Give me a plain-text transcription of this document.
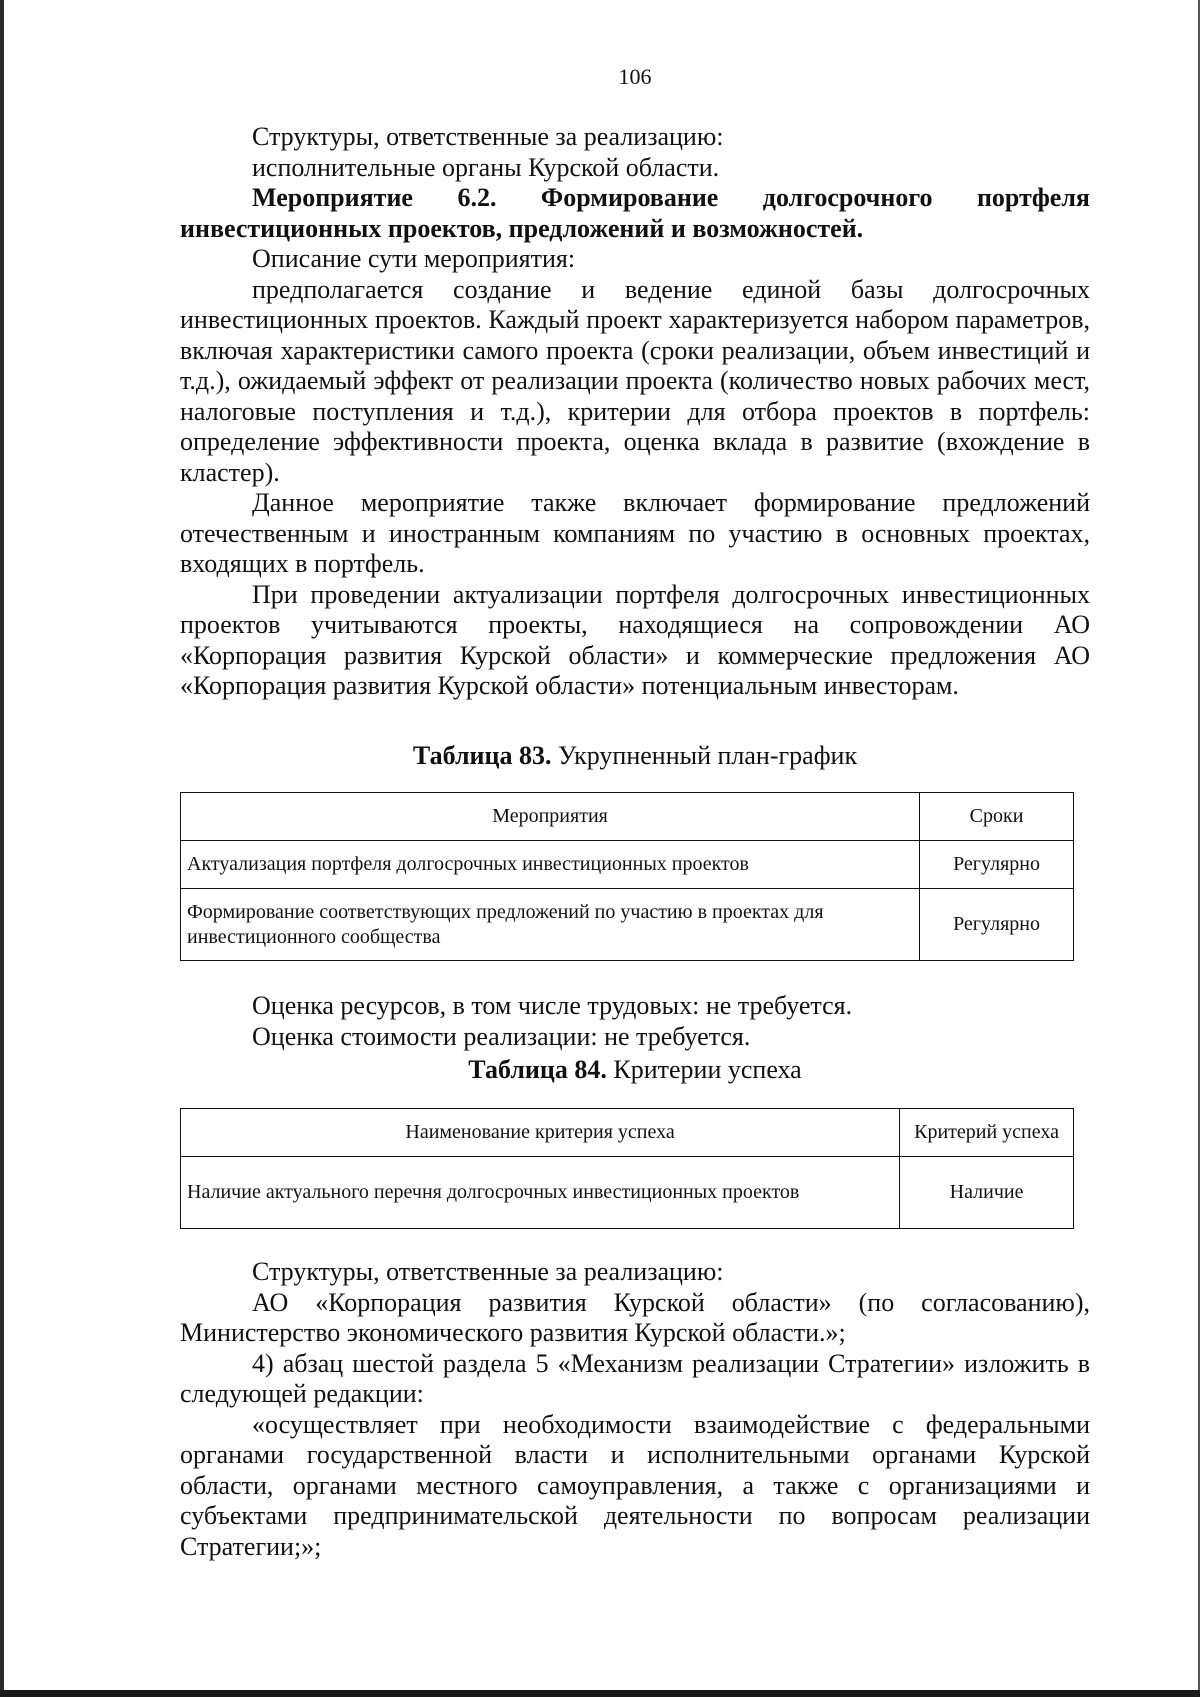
106

Структуры, ответственные за реализацию:

исполнительные органы Курской области.

Мероприятие 6.2. Формирование долгосрочного портфеля инвестиционных проектов, предложений и возможностей.

Описание сути мероприятия:

предполагается создание и ведение единой базы долгосрочных инвестиционных проектов. Каждый проект характеризуется набором параметров, включая характеристики самого проекта (сроки реализации, объем инвестиций и т.д.), ожидаемый эффект от реализации проекта (количество новых рабочих мест, налоговые поступления и т.д.), критерии для отбора проектов в портфель: определение эффективности проекта, оценка вклада в развитие (вхождение в кластер).

Данное мероприятие также включает формирование предложений отечественным и иностранным компаниям по участию в основных проектах, входящих в портфель.

При проведении актуализации портфеля долгосрочных инвестиционных проектов учитываются проекты, находящиеся на сопровождении АО «Корпорация развития Курской области» и коммерческие предложения АО «Корпорация развития Курской области» потенциальным инвесторам.

Таблица 83. Укрупненный план-график

Мероприятия	Сроки
Актуализация портфеля долгосрочных инвестиционных проектов	Регулярно
Формирование соответствующих предложений по участию в проектах для инвестиционного сообщества	Регулярно

Оценка ресурсов, в том числе трудовых: не требуется.

Оценка стоимости реализации: не требуется.

Таблица 84. Критерии успеха

Наименование критерия успеха	Критерий успеха
Наличие актуального перечня долгосрочных инвестиционных проектов	Наличие

Структуры, ответственные за реализацию:

АО «Корпорация развития Курской области» (по согласованию), Министерство экономического развития Курской области.»;

4) абзац шестой раздела 5 «Механизм реализации Стратегии» изложить в следующей редакции:

«осуществляет при необходимости взаимодействие с федеральными органами государственной власти и исполнительными органами Курской области, органами местного самоуправления, а также с организациями и субъектами предпринимательской деятельности по вопросам реализации Стратегии;»;
